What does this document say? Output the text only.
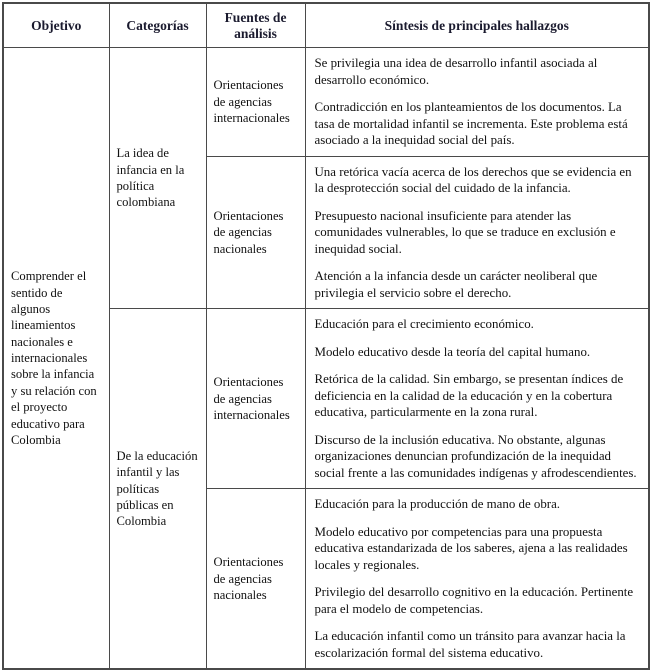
Objetivo	Categorías	Fuentes de análisis	Síntesis de principales hallazgos

Comprender el sentido de algunos lineamientos nacionales e internacionales sobre la infancia y su relación con el proyecto educativo para Colombia	La idea de infancia en la política colombiana	Orientaciones de agencias internacionales	Se privilegia una idea de desarrollo infantil asociada al desarrollo económico.

Contradicción en los planteamientos de los documentos. La tasa de mortalidad infantil se incrementa. Este problema está asociado a la inequidad social del país.

		Orientaciones de agencias nacionales	Una retórica vacía acerca de los derechos que se evidencia en la desprotección social del cuidado de la infancia.

Presupuesto nacional insuficiente para atender las comunidades vulnerables, lo que se traduce en exclusión e inequidad social.

Atención a la infancia desde un carácter neoliberal que privilegia el servicio sobre el derecho.

	De la educación infantil y las políticas públicas en Colombia	Orientaciones de agencias internacionales	Educación para el crecimiento económico.

Modelo educativo desde la teoría del capital humano.

Retórica de la calidad. Sin embargo, se presentan índices de deficiencia en la calidad de la educación y en la cobertura educativa, particularmente en la zona rural.

Discurso de la inclusión educativa. No obstante, algunas organizaciones denuncian profundización de la inequidad social frente a las comunidades indígenas y afrodescendientes.

		Orientaciones de agencias nacionales	Educación para la producción de mano de obra.

Modelo educativo por competencias para una propuesta educativa estandarizada de los saberes, ajena a las realidades locales y regionales.

Privilegio del desarrollo cognitivo en la educación. Pertinente para el modelo de competencias.

La educación infantil como un tránsito para avanzar hacia la escolarización formal del sistema educativo.
